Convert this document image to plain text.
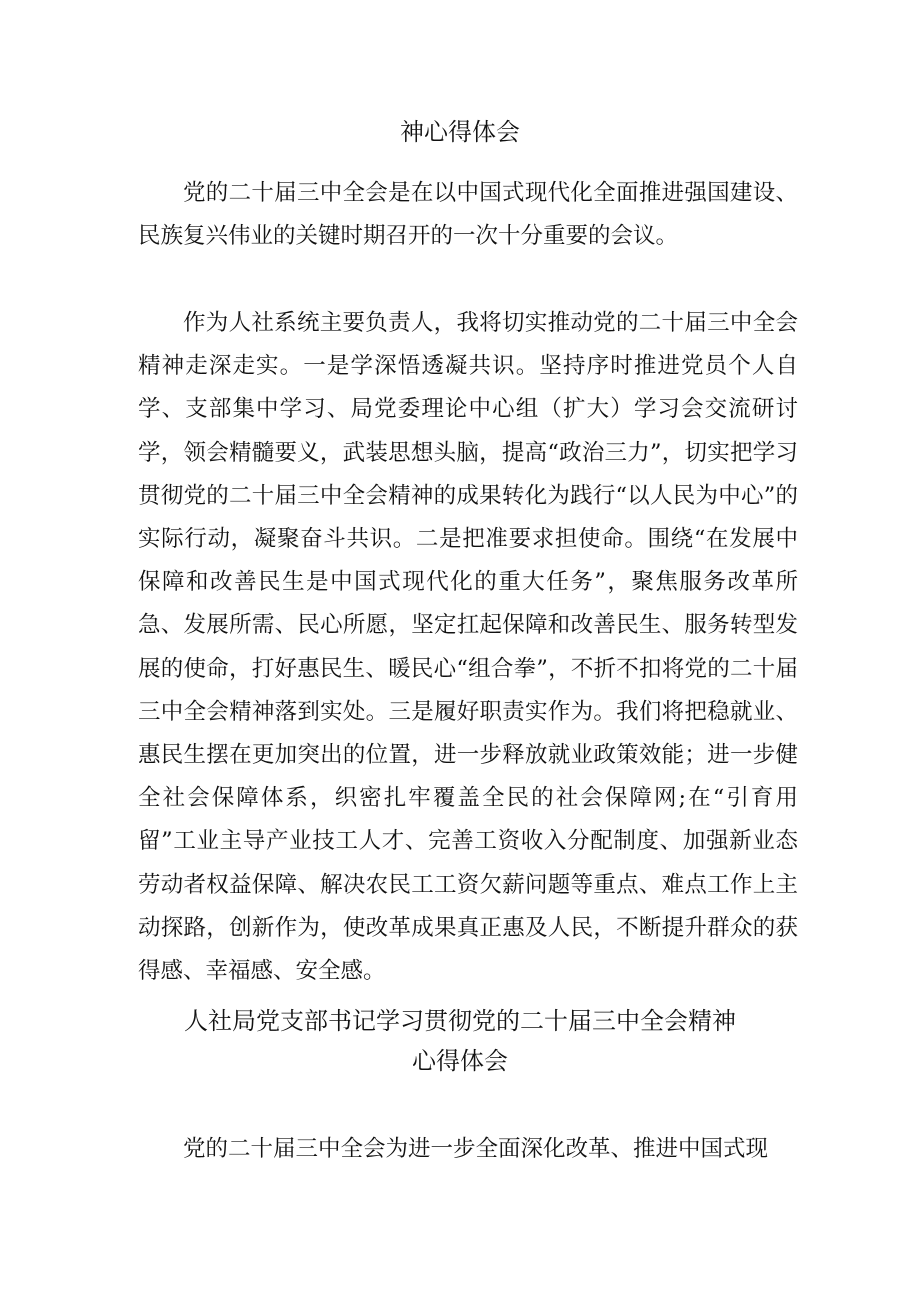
神心得体会

党的二十届三中全会是在以中国式现代化全面推进强国建设、民族复兴伟业的关键时期召开的一次十分重要的会议。

作为人社系统主要负责人，我将切实推动党的二十届三中全会精神走深走实。一是学深悟透凝共识。坚持序时推进党员个人自学、支部集中学习、局党委理论中心组（扩大）学习会交流研讨学，领会精髓要义，武装思想头脑，提高“政治三力”，切实把学习贯彻党的二十届三中全会精神的成果转化为践行“以人民为中心”的实际行动，凝聚奋斗共识。二是把准要求担使命。围绕“在发展中保障和改善民生是中国式现代化的重大任务”，聚焦服务改革所急、发展所需、民心所愿，坚定扛起保障和改善民生、服务转型发展的使命，打好惠民生、暖民心“组合拳”，不折不扣将党的二十届三中全会精神落到实处。三是履好职责实作为。我们将把稳就业、惠民生摆在更加突出的位置，进一步释放就业政策效能；进一步健全社会保障体系，织密扎牢覆盖全民的社会保障网;在“引育用留”工业主导产业技工人才、完善工资收入分配制度、加强新业态劳动者权益保障、解决农民工工资欠薪问题等重点、难点工作上主动探路，创新作为，使改革成果真正惠及人民，不断提升群众的获得感、幸福感、安全感。

人社局党支部书记学习贯彻党的二十届三中全会精神
心得体会

党的二十届三中全会为进一步全面深化改革、推进中国式现
